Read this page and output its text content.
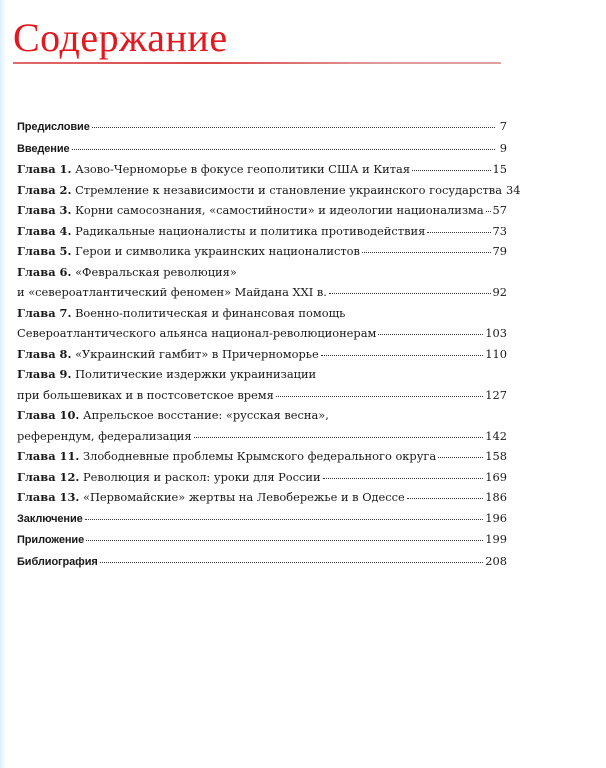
Содержание
Предисловие	7
Введение	9
Глава 1. Азово-Черноморье в фокусе геополитики США и Китая	15
Глава 2. Стремление к независимости и становление украинского государства 34
Глава 3. Корни самосознания, «самостийности» и идеологии национализма 57
Глава 4. Радикальные националисты и политика противодействия	73
Глава 5. Герои и символика украинских националистов	79
Глава 6. «Февральская революция»
и «североатлантический феномен» Майдана XXI в.	92
Глава 7. Военно-политическая и финансовая помощь
Североатлантического альянса национал-революционерам	103
Глава 8. «Украинский гамбит» в Причерноморье	110
Глава 9. Политические издержки украинизации
при большевиках и в постсоветское время	127
Глава 10. Апрельское восстание: «русская весна»,
референдум, федерализация	142
Глава 11. Злободневные проблемы Крымского федерального округа	158
Глава 12. Революция и раскол: уроки для России	169
Глава 13. «Первомайские» жертвы на Левобережье и в Одессе	186
Заключение	196
Приложение	199
Библиография	208
